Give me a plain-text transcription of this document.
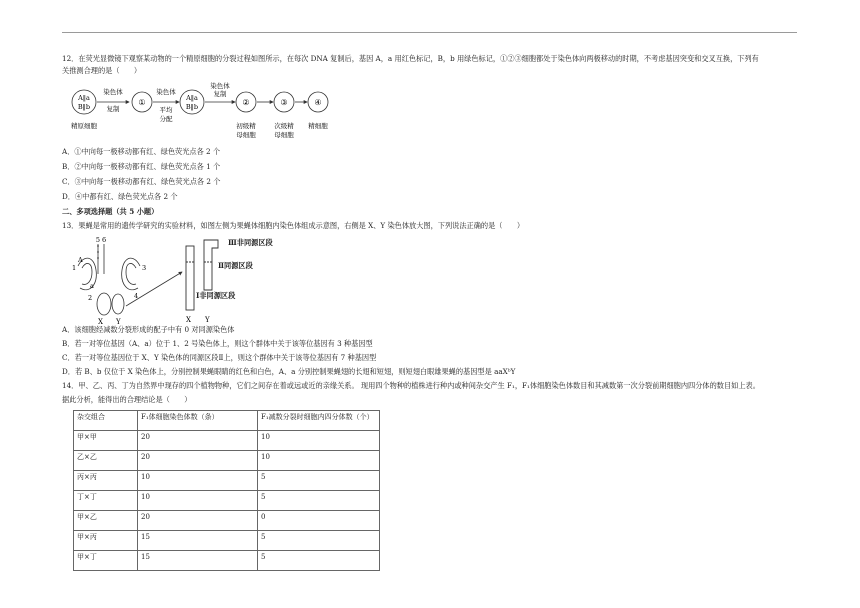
12．在荧光显微镜下观察某动物的一个精原细胞的分裂过程如图所示，在每次 DNA 复制后，基因 A，a 用红色标记，B，b 用绿色标记，①②③细胞都处于染色体向两极移动的时期，不考虑基因突变和交叉互换，下列有
关推测合理的是（　　）
A‖a
B‖b
染色体
复制
①
染色体
平均
分配
A‖a
B‖b
染色体
复制
②	③	④
精原细胞	初级精
母细胞
次级精
母细胞
精细胞
A．①中向每一极移动都有红、绿色荧光点各 2 个
B．②中向每一极移动都有红、绿色荧光点各 1 个
C．③中向每一极移动都有红、绿色荧光点各 2 个
D．④中都有红、绿色荧光点各 2 个
二、多项选择题（共 5 小题）
13．果蝇是常用的遗传学研究的实验材料，如图左侧为果蝇体细胞内染色体组成示意图，右侧是 X、Y 染色体放大图，下列说法正确的是（　　）
5 6
1
A
2
a
3
4
X Y	X Y
Ⅲ非同源区段
Ⅱ同源区段
Ⅰ非同源区段
A．该细胞经减数分裂形成的配子中有 0 对同源染色体
B．若一对等位基因（A、a）位于 1、2 号染色体上，则这个群体中关于该等位基因有 3 种基因型
C．若一对等位基因位于 X、Y 染色体的同源区段Ⅱ上，则这个群体中关于该等位基因有 7 种基因型
D．若 B、b 仅位于 X 染色体上，分别控制果蝇眼睛的红色和白色，A、a 分别控制果蝇翅的长翅和短翅，则短翅白眼雄果蝇的基因型是 aaXᵇY
14．甲、乙、丙、丁为自然界中现存的四个植物物种，它们之间存在着或远或近的亲缘关系。 现用四个物种的植株进行种内或种间杂交产生 F₁，F₁体细胞染色体数目和其减数第一次分裂前期细胞内四分体的数目如上表。
据此分析，能得出的合理结论是（　　）
杂交组合	F₁体细胞染色体数（条）	F₁减数分裂时细胞内四分体数（个）
甲×甲	20	10
乙×乙	20	10
丙×丙	10	5
丁×丁	10	5
甲×乙	20	0
甲×丙	15	5
甲×丁	15	5
